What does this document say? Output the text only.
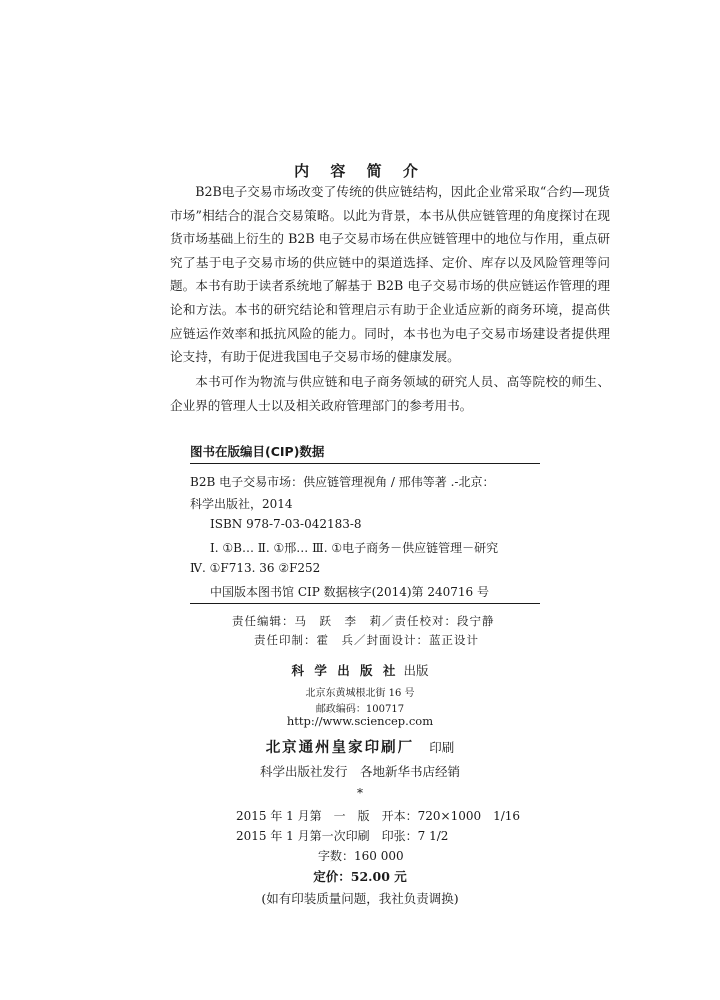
内 容 简 介

B2B电子交易市场改变了传统的供应链结构，因此企业常采取“合约—现货市场”相结合的混合交易策略。以此为背景，本书从供应链管理的角度探讨在现货市场基础上衍生的 B2B 电子交易市场在供应链管理中的地位与作用，重点研究了基于电子交易市场的供应链中的渠道选择、定价、库存以及风险管理等问题。本书有助于读者系统地了解基于 B2B 电子交易市场的供应链运作管理的理论和方法。本书的研究结论和管理启示有助于企业适应新的商务环境，提高供应链运作效率和抵抗风险的能力。同时，本书也为电子交易市场建设者提供理论支持，有助于促进我国电子交易市场的健康发展。

本书可作为物流与供应链和电子商务领域的研究人员、高等院校的师生、企业界的管理人士以及相关政府管理部门的参考用书。

图书在版编目(CIP)数据
B2B 电子交易市场：供应链管理视角 / 邢伟等著 .-北京：
科学出版社，2014
ISBN 978-7-03-042183-8
Ⅰ. ①B… Ⅱ. ①邢… Ⅲ. ①电子商务－供应链管理－研究
Ⅳ. ①F713. 36 ②F252
中国版本图书馆 CIP 数据核字(2014)第 240716 号
责任编辑：马　跃　李　莉／责任校对：段宁静
责任印制：霍　兵／封面设计：蓝正设计
科 学 出 版 社 出版
北京东黄城根北街 16 号
邮政编码：100717
http://www.sciencep.com
北京通州皇家印刷厂 印刷
科学出版社发行　各地新华书店经销
*
2015 年 1 月第　一　版　开本：720×1000　1/16
2015 年 1 月第一次印刷　印张：7 1/2
字数：160 000
定价：52.00 元
(如有印装质量问题，我社负责调换)
